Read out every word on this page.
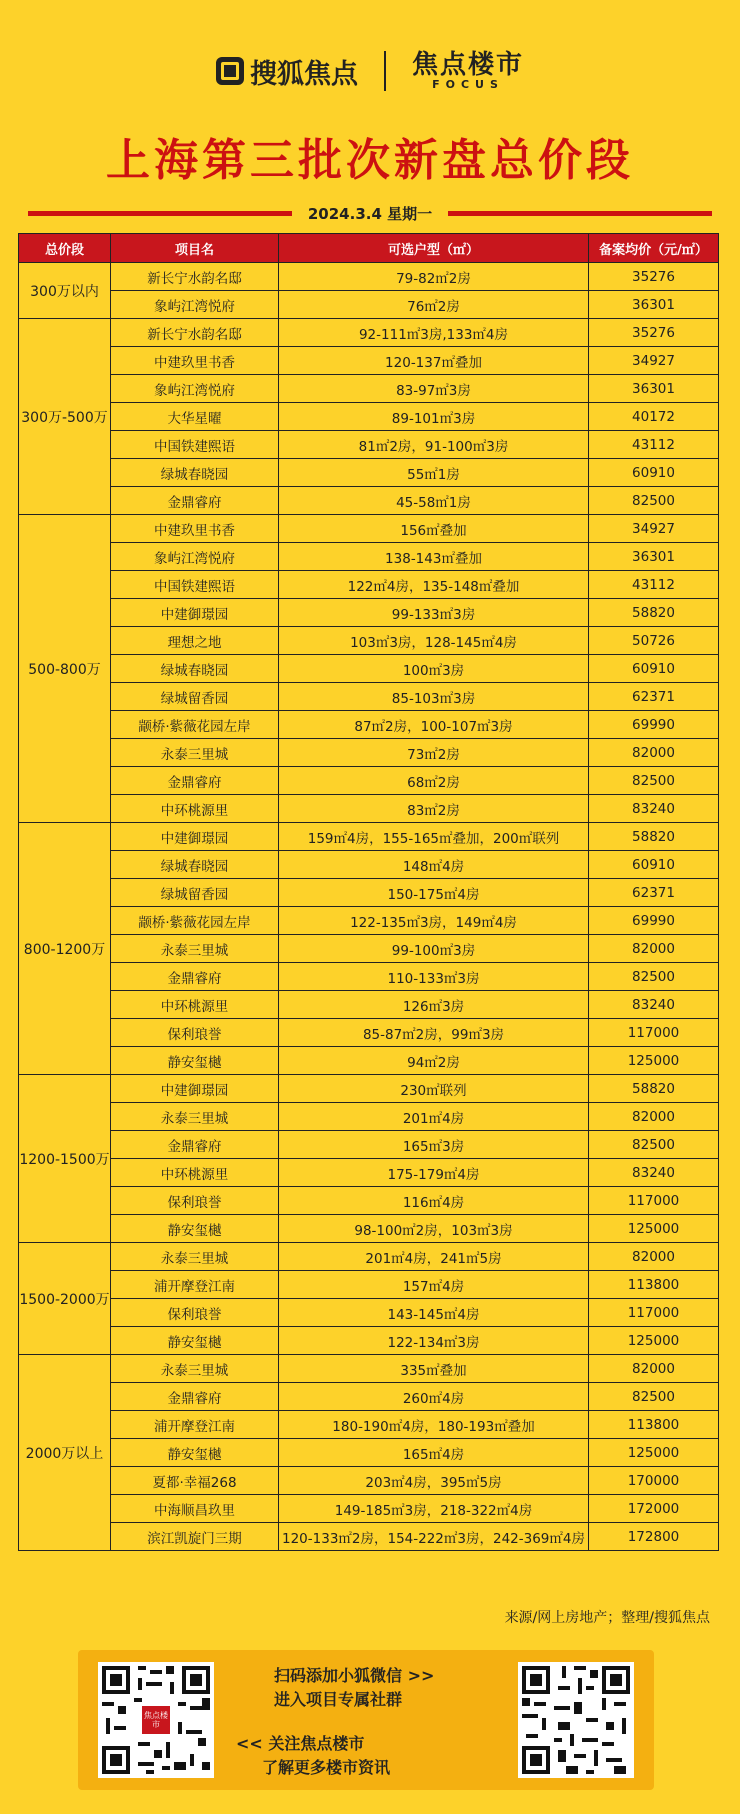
搜狐焦点 焦点楼市
FOCUS
上海第三批次新盘总价段
2024.3.4 星期一
总价段	项目名	可选户型（㎡）	备案均价（元/㎡）
300万以内	新长宁水韵名邸	79-82㎡2房	35276
	象屿江湾悦府	76㎡2房	36301
300万-500万	新长宁水韵名邸	92-111㎡3房,133㎡4房	35276
	中建玖里书香	120-137㎡叠加	34927
	象屿江湾悦府	83-97㎡3房	36301
	大华星曜	89-101㎡3房	40172
	中国铁建熙语	81㎡2房，91-100㎡3房	43112
	绿城春晓园	55㎡1房	60910
	金鼎睿府	45-58㎡1房	82500
500-800万	中建玖里书香	156㎡叠加	34927
	象屿江湾悦府	138-143㎡叠加	36301
	中国铁建熙语	122㎡4房，135-148㎡叠加	43112
	中建御璟园	99-133㎡3房	58820
	理想之地	103㎡3房，128-145㎡4房	50726
	绿城春晓园	100㎡3房	60910
	绿城留香园	85-103㎡3房	62371
	颛桥·紫薇花园左岸	87㎡2房，100-107㎡3房	69990
	永泰三里城	73㎡2房	82000
	金鼎睿府	68㎡2房	82500
	中环桃源里	83㎡2房	83240
800-1200万	中建御璟园	159㎡4房，155-165㎡叠加，200㎡联列	58820
	绿城春晓园	148㎡4房	60910
	绿城留香园	150-175㎡4房	62371
	颛桥·紫薇花园左岸	122-135㎡3房，149㎡4房	69990
	永泰三里城	99-100㎡3房	82000
	金鼎睿府	110-133㎡3房	82500
	中环桃源里	126㎡3房	83240
	保利琅誉	85-87㎡2房，99㎡3房	117000
	静安玺樾	94㎡2房	125000
1200-1500万	中建御璟园	230㎡联列	58820
	永泰三里城	201㎡4房	82000
	金鼎睿府	165㎡3房	82500
	中环桃源里	175-179㎡4房	83240
	保利琅誉	116㎡4房	117000
	静安玺樾	98-100㎡2房，103㎡3房	125000
1500-2000万	永泰三里城	201㎡4房，241㎡5房	82000
	浦开摩登江南	157㎡4房	113800
	保利琅誉	143-145㎡4房	117000
	静安玺樾	122-134㎡3房	125000
2000万以上	永泰三里城	335㎡叠加	82000
	金鼎睿府	260㎡4房	82500
	浦开摩登江南	180-190㎡4房，180-193㎡叠加	113800
	静安玺樾	165㎡4房	125000
	夏都·幸福268	203㎡4房，395㎡5房	170000
	中海顺昌玖里	149-185㎡3房，218-322㎡4房	172000
	滨江凯旋门三期	120-133㎡2房，154-222㎡3房，242-369㎡4房	172800
来源/网上房地产；整理/搜狐焦点
焦点楼市
扫码添加小狐微信 >>
进入项目专属社群
<< 关注焦点楼市
了解更多楼市资讯
